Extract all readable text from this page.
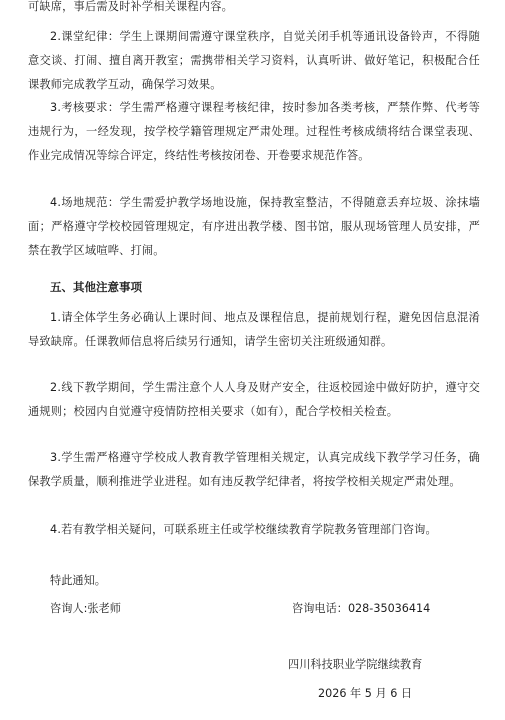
可缺席，事后需及时补学相关课程内容。

2.课堂纪律：学生上课期间需遵守课堂秩序，自觉关闭手机等通讯设备铃声，不得随意交谈、打闹、擅自离开教室；需携带相关学习资料，认真听讲、做好笔记，积极配合任课教师完成教学互动，确保学习效果。

3.考核要求：学生需严格遵守课程考核纪律，按时参加各类考核，严禁作弊、代考等违规行为，一经发现，按学校学籍管理规定严肃处理。过程性考核成绩将结合课堂表现、作业完成情况等综合评定，终结性考核按闭卷、开卷要求规范作答。

4.场地规范：学生需爱护教学场地设施，保持教室整洁，不得随意丢弃垃圾、涂抹墙面；严格遵守学校校园管理规定，有序进出教学楼、图书馆，服从现场管理人员安排，严禁在教学区域喧哗、打闹。

五、其他注意事项

1.请全体学生务必确认上课时间、地点及课程信息，提前规划行程，避免因信息混淆导致缺席。任课教师信息将后续另行通知，请学生密切关注班级通知群。

2.线下教学期间，学生需注意个人人身及财产安全，往返校园途中做好防护，遵守交通规则；校园内自觉遵守疫情防控相关要求（如有），配合学校相关检查。

3.学生需严格遵守学校成人教育教学管理相关规定，认真完成线下教学学习任务，确保教学质量，顺利推进学业进程。如有违反教学纪律者，将按学校相关规定严肃处理。

4.若有教学相关疑问，可联系班主任或学校继续教育学院教务管理部门咨询。

特此通知。

咨询人:张老师	咨询电话：028-35036414

四川科技职业学院继续教育

2026 年 5 月 6 日
